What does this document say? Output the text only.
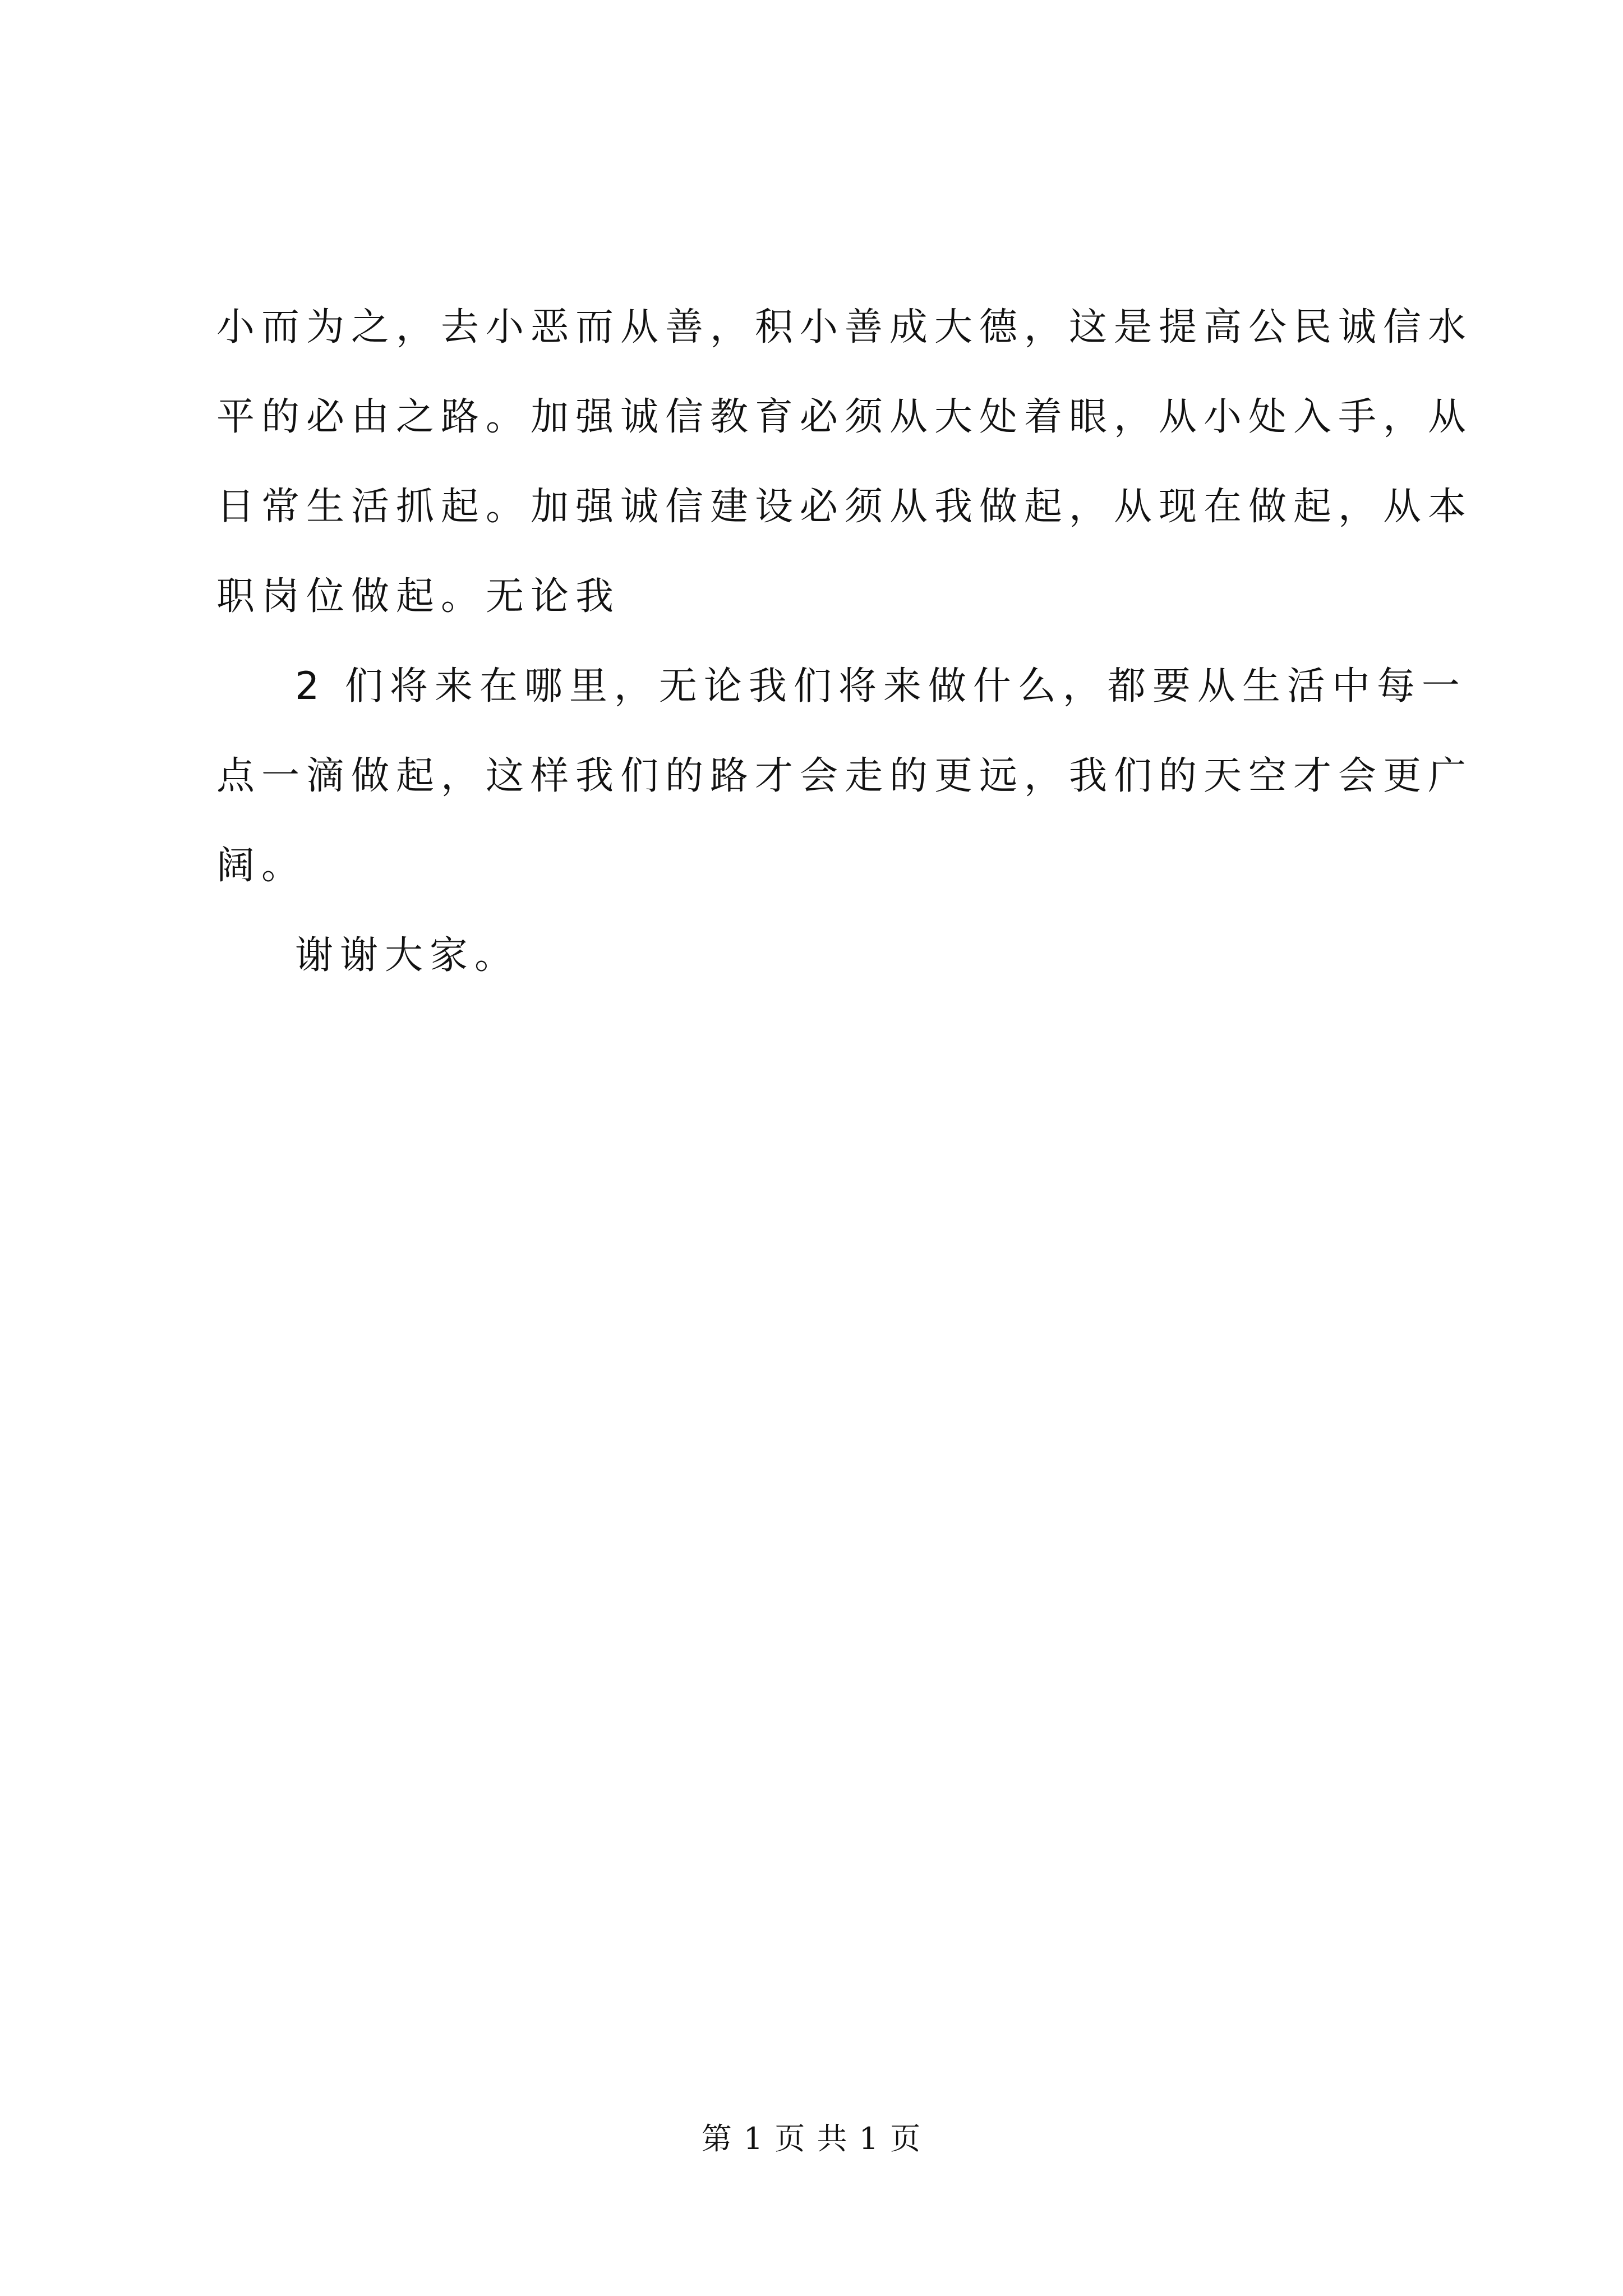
小而为之，去小恶而从善，积小善成大德，这是提高公民诚信水
平的必由之路。加强诚信教育必须从大处着眼，从小处入手，从
日常生活抓起。加强诚信建设必须从我做起，从现在做起，从本
职岗位做起。无论我
2 们将来在哪里，无论我们将来做什么，都要从生活中每一
点一滴做起，这样我们的路才会走的更远，我们的天空才会更广
阔。
谢谢大家。
第 1 页 共 1 页
